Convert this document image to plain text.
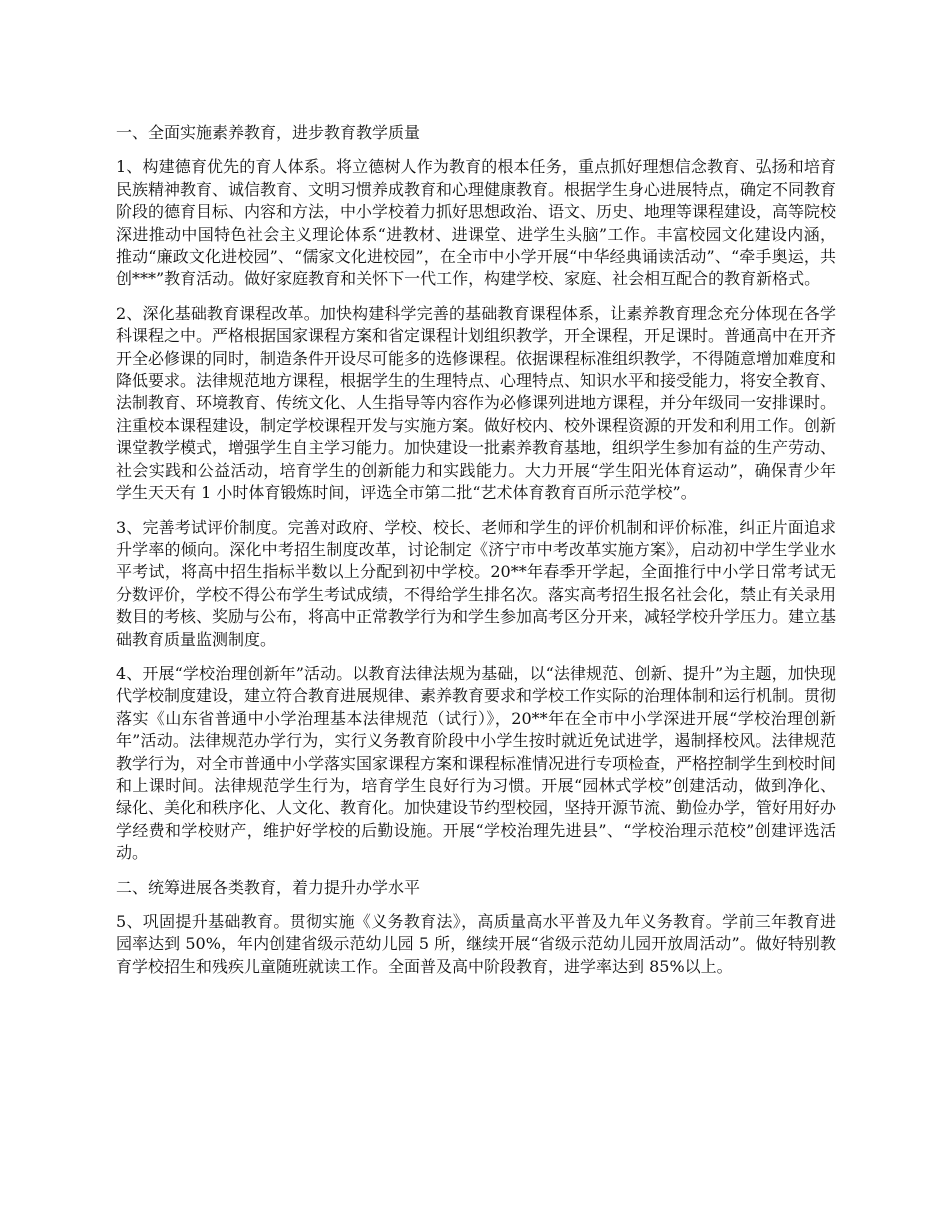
一、全面实施素养教育，进步教育教学质量

1、构建德育优先的育人体系。将立德树人作为教育的根本任务，重点抓好理想信念教育、弘扬和培育民族精神教育、诚信教育、文明习惯养成教育和心理健康教育。根据学生身心进展特点，确定不同教育阶段的德育目标、内容和方法，中小学校着力抓好思想政治、语文、历史、地理等课程建设，高等院校深进推动中国特色社会主义理论体系“进教材、进课堂、进学生头脑”工作。丰富校园文化建设内涵，推动“廉政文化进校园”、“儒家文化进校园”，在全市中小学开展“中华经典诵读活动”、“牵手奥运，共创***”教育活动。做好家庭教育和关怀下一代工作，构建学校、家庭、社会相互配合的教育新格式。

2、深化基础教育课程改革。加快构建科学完善的基础教育课程体系，让素养教育理念充分体现在各学科课程之中。严格根据国家课程方案和省定课程计划组织教学，开全课程，开足课时。普通高中在开齐开全必修课的同时，制造条件开设尽可能多的选修课程。依据课程标准组织教学，不得随意增加难度和降低要求。法律规范地方课程，根据学生的生理特点、心理特点、知识水平和接受能力，将安全教育、法制教育、环境教育、传统文化、人生指导等内容作为必修课列进地方课程，并分年级同一安排课时。注重校本课程建设，制定学校课程开发与实施方案。做好校内、校外课程资源的开发和利用工作。创新课堂教学模式，增强学生自主学习能力。加快建设一批素养教育基地，组织学生参加有益的生产劳动、社会实践和公益活动，培育学生的创新能力和实践能力。大力开展“学生阳光体育运动”，确保青少年学生天天有 1 小时体育锻炼时间，评选全市第二批“艺术体育教育百所示范学校”。

3、完善考试评价制度。完善对政府、学校、校长、老师和学生的评价机制和评价标准，纠正片面追求升学率的倾向。深化中考招生制度改革，讨论制定《济宁市中考改革实施方案》，启动初中学生学业水平考试，将高中招生指标半数以上分配到初中学校。20**年春季开学起，全面推行中小学日常考试无分数评价，学校不得公布学生考试成绩，不得给学生排名次。落实高考招生报名社会化，禁止有关录用数目的考核、奖励与公布，将高中正常教学行为和学生参加高考区分开来，减轻学校升学压力。建立基础教育质量监测制度。

4、开展“学校治理创新年”活动。以教育法律法规为基础，以“法律规范、创新、提升”为主题，加快现代学校制度建设，建立符合教育进展规律、素养教育要求和学校工作实际的治理体制和运行机制。贯彻落实《山东省普通中小学治理基本法律规范（试行）》，20**年在全市中小学深进开展“学校治理创新年”活动。法律规范办学行为，实行义务教育阶段中小学生按时就近免试进学，遏制择校风。法律规范教学行为，对全市普通中小学落实国家课程方案和课程标准情况进行专项检查，严格控制学生到校时间和上课时间。法律规范学生行为，培育学生良好行为习惯。开展“园林式学校”创建活动，做到净化、绿化、美化和秩序化、人文化、教育化。加快建设节约型校园，坚持开源节流、勤俭办学，管好用好办学经费和学校财产，维护好学校的后勤设施。开展“学校治理先进县”、“学校治理示范校”创建评选活动。

二、统筹进展各类教育，着力提升办学水平

5、巩固提升基础教育。贯彻实施《义务教育法》，高质量高水平普及九年义务教育。学前三年教育进园率达到 50%，年内创建省级示范幼儿园 5 所，继续开展“省级示范幼儿园开放周活动”。做好特别教育学校招生和残疾儿童随班就读工作。全面普及高中阶段教育，进学率达到 85%以上。
